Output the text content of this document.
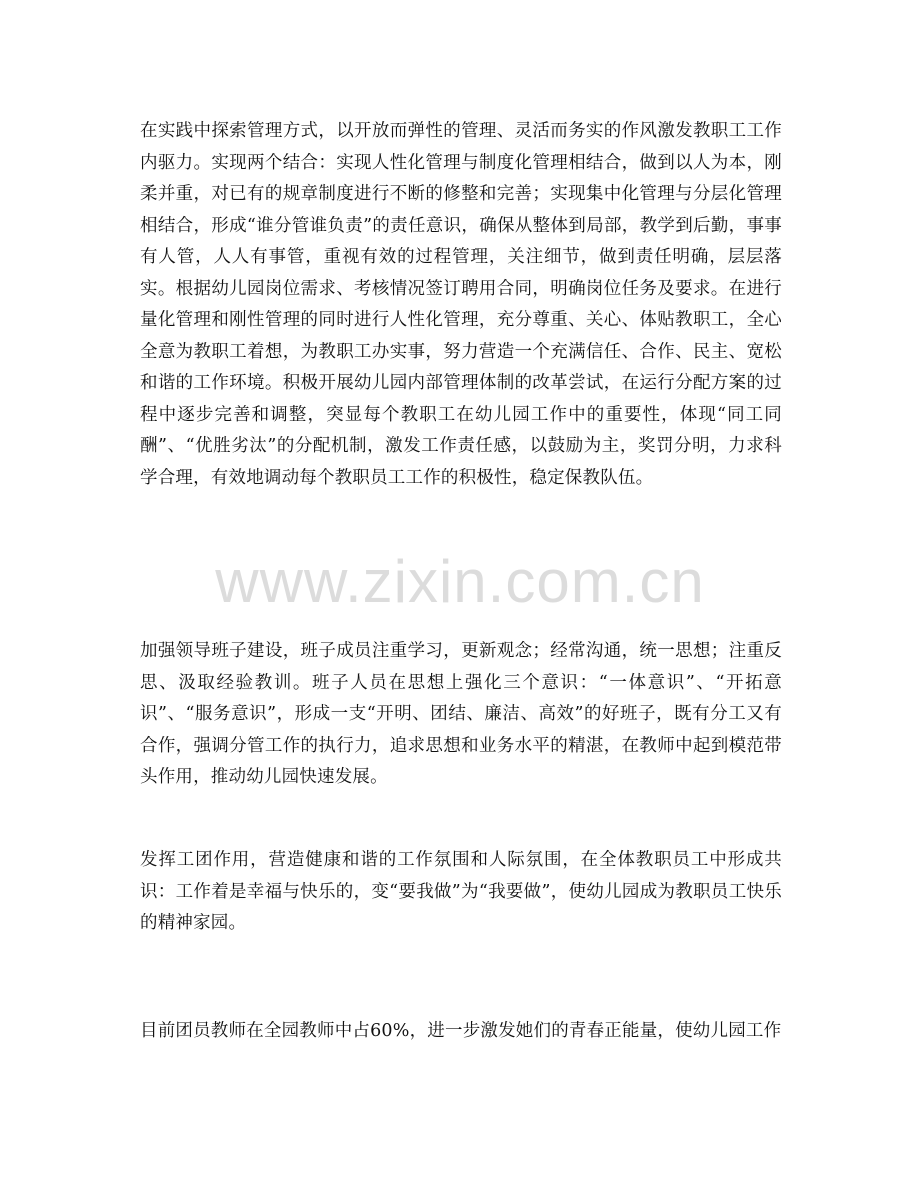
在实践中探索管理方式，以开放而弹性的管理、灵活而务实的作风激发教职工工作内驱力。实现两个结合：实现人性化管理与制度化管理相结合，做到以人为本，刚柔并重，对已有的规章制度进行不断的修整和完善；实现集中化管理与分层化管理相结合，形成“谁分管谁负责”的责任意识，确保从整体到局部，教学到后勤，事事有人管，人人有事管，重视有效的过程管理，关注细节，做到责任明确，层层落实。根据幼儿园岗位需求、考核情况签订聘用合同，明确岗位任务及要求。在进行量化管理和刚性管理的同时进行人性化管理，充分尊重、关心、体贴教职工，全心全意为教职工着想，为教职工办实事，努力营造一个充满信任、合作、民主、宽松和谐的工作环境。积极开展幼儿园内部管理体制的改革尝试，在运行分配方案的过程中逐步完善和调整，突显每个教职工在幼儿园工作中的重要性，体现“同工同酬”、“优胜劣汰”的分配机制，激发工作责任感，以鼓励为主，奖罚分明，力求科学合理，有效地调动每个教职员工工作的积极性，稳定保教队伍。

加强领导班子建设，班子成员注重学习，更新观念；经常沟通，统一思想；注重反思、汲取经验教训。班子人员在思想上强化三个意识：“一体意识”、“开拓意识”、“服务意识”，形成一支“开明、团结、廉洁、高效”的好班子，既有分工又有合作，强调分管工作的执行力，追求思想和业务水平的精湛，在教师中起到模范带头作用，推动幼儿园快速发展。

发挥工团作用，营造健康和谐的工作氛围和人际氛围，在全体教职员工中形成共识：工作着是幸福与快乐的，变“要我做”为“我要做”，使幼儿园成为教职员工快乐的精神家园。

目前团员教师在全园教师中占60%，进一步激发她们的青春正能量，使幼儿园工作

www.zixin.com.cn
